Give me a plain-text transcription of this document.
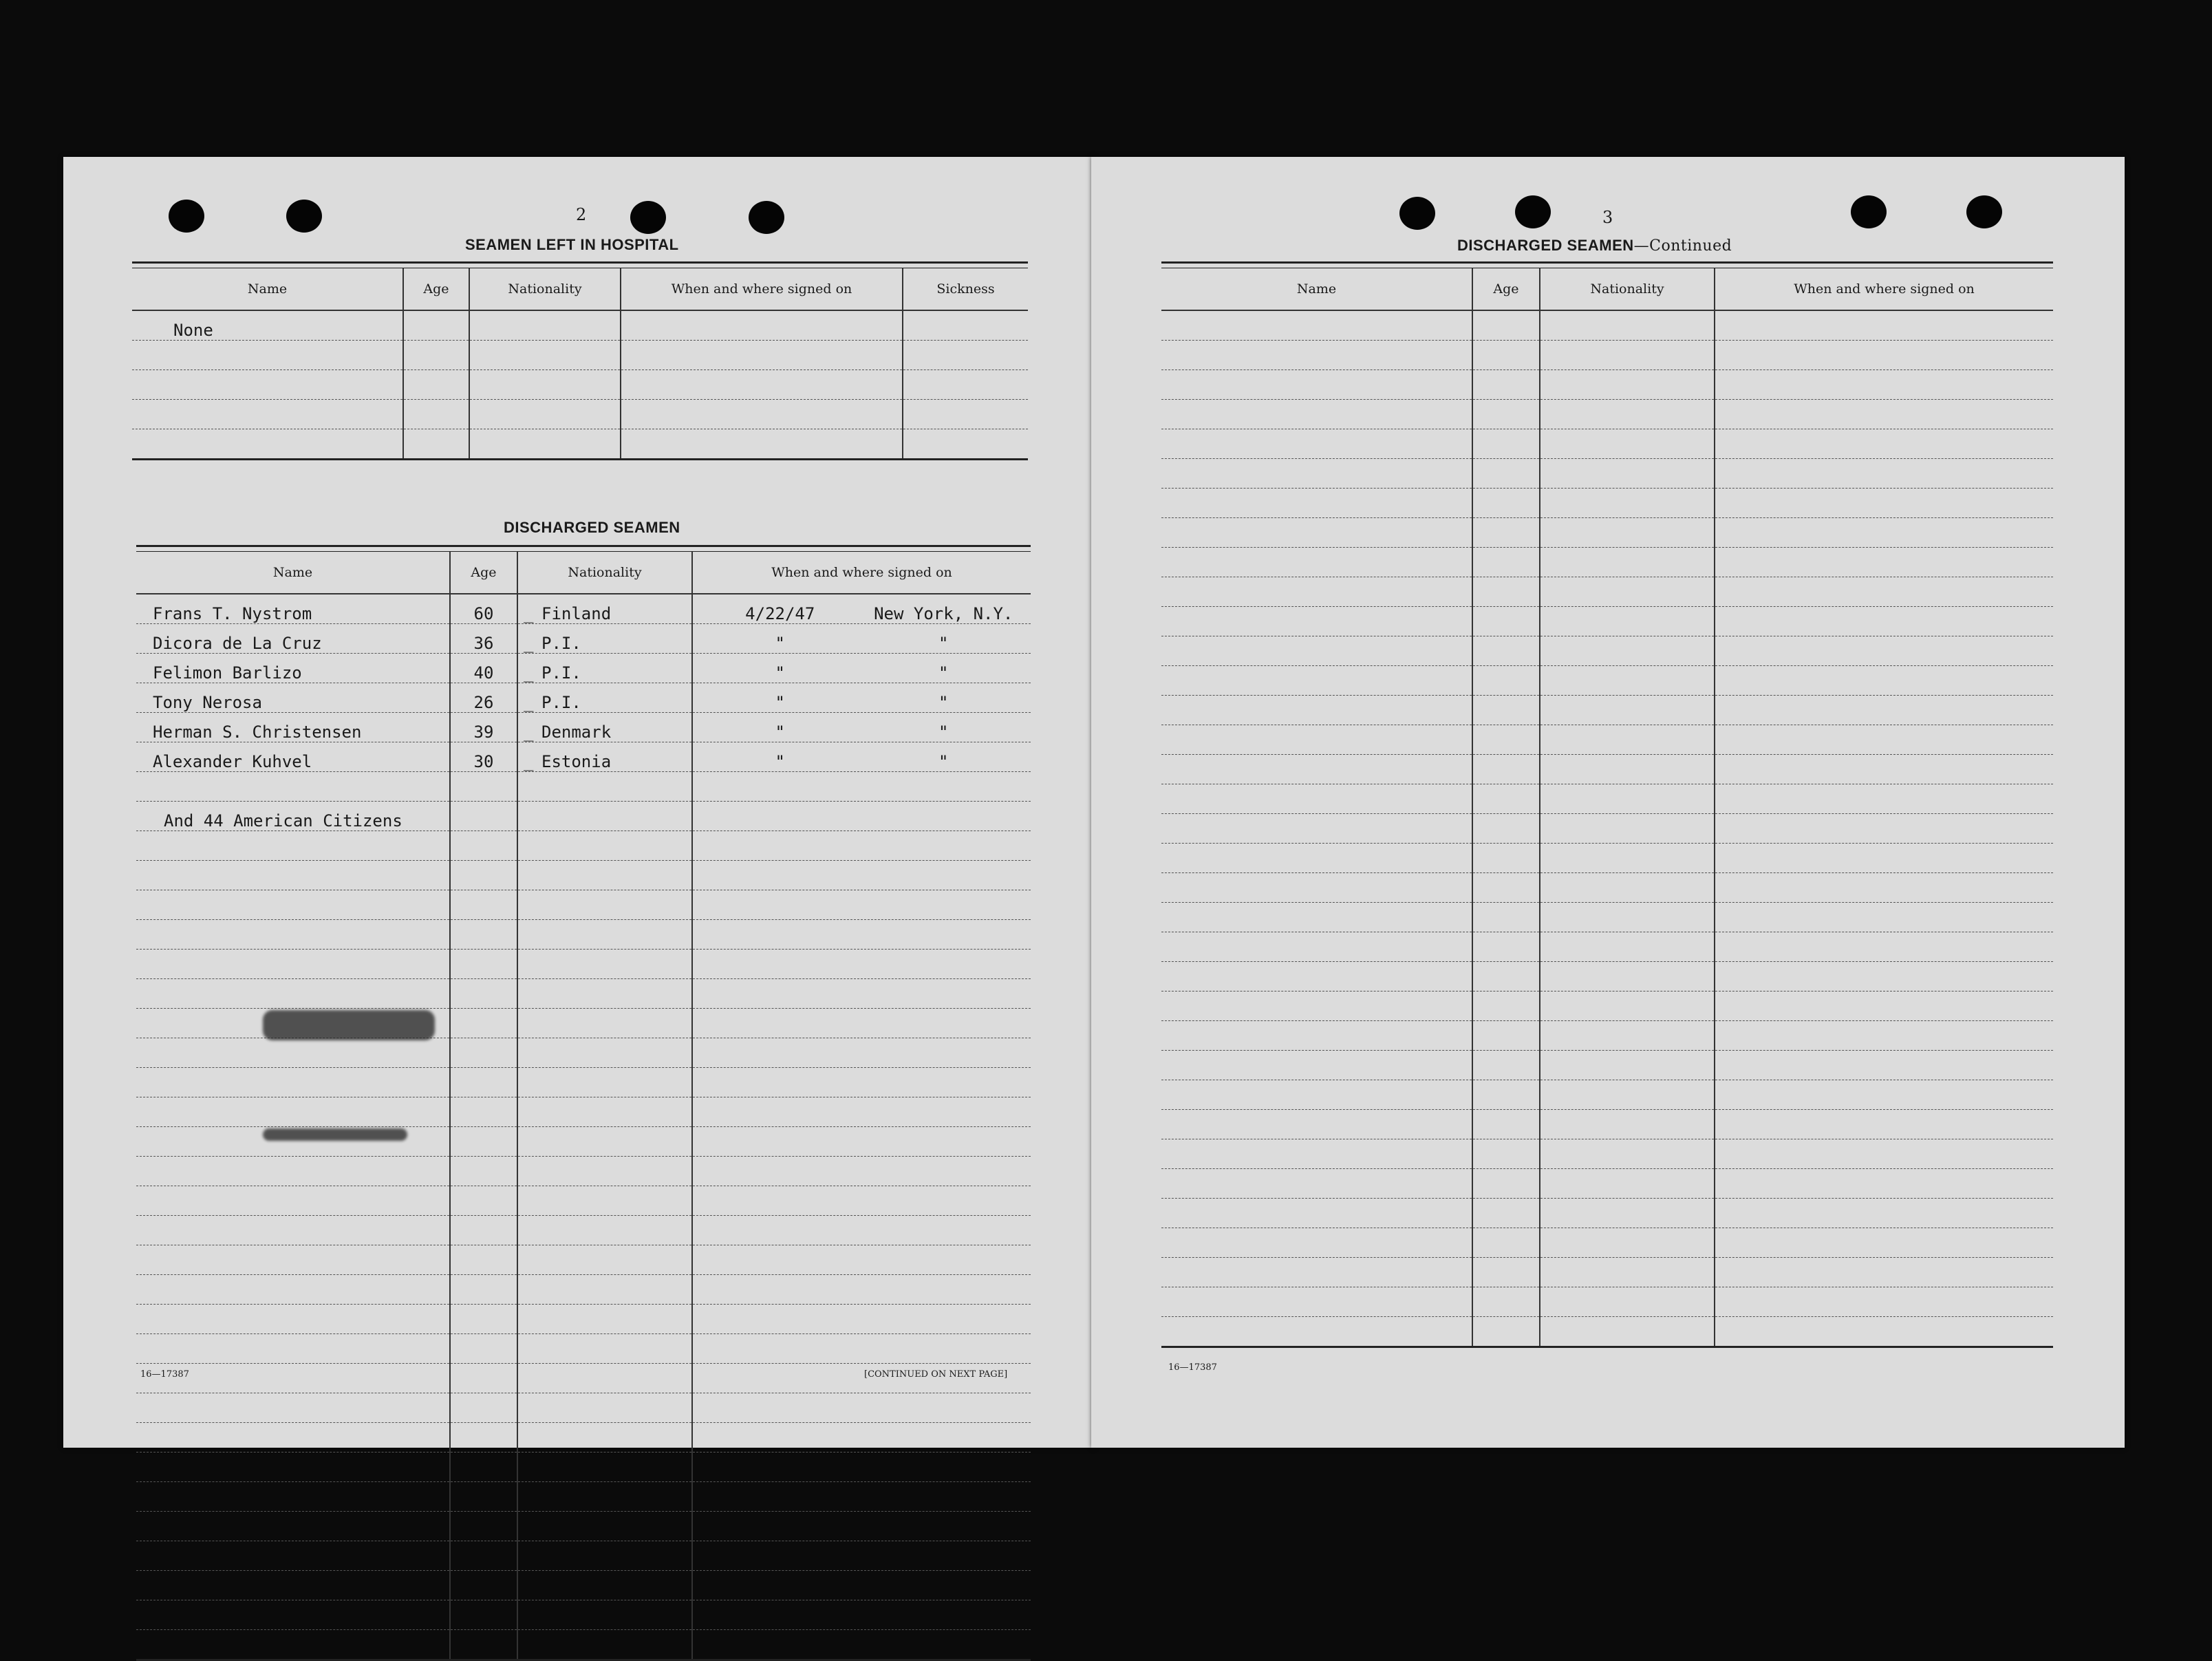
2
SEAMEN LEFT IN HOSPITAL
Name	Age	Nationality	When and where signed on	Sickness
None				

DISCHARGED SEAMEN
Name	Age	Nationality	When and where signed on
Frans T. Nystrom	60	_ Finland	4/22/47 New York, N.Y.
Dicora de La Cruz	36	_ P.I.	" "
Felimon Barlizo	40	_ P.I.	" "
Tony Nerosa	26	_ P.I.	" "
Herman S. Christensen	39	_ Denmark	" "
Alexander Kuhvel	30	_ Estonia	" "

And 44 American Citizens			

16—17387	[CONTINUED ON NEXT PAGE]
3
DISCHARGED SEAMEN—Continued
Name	Age	Nationality	When and where signed on

16—17387
